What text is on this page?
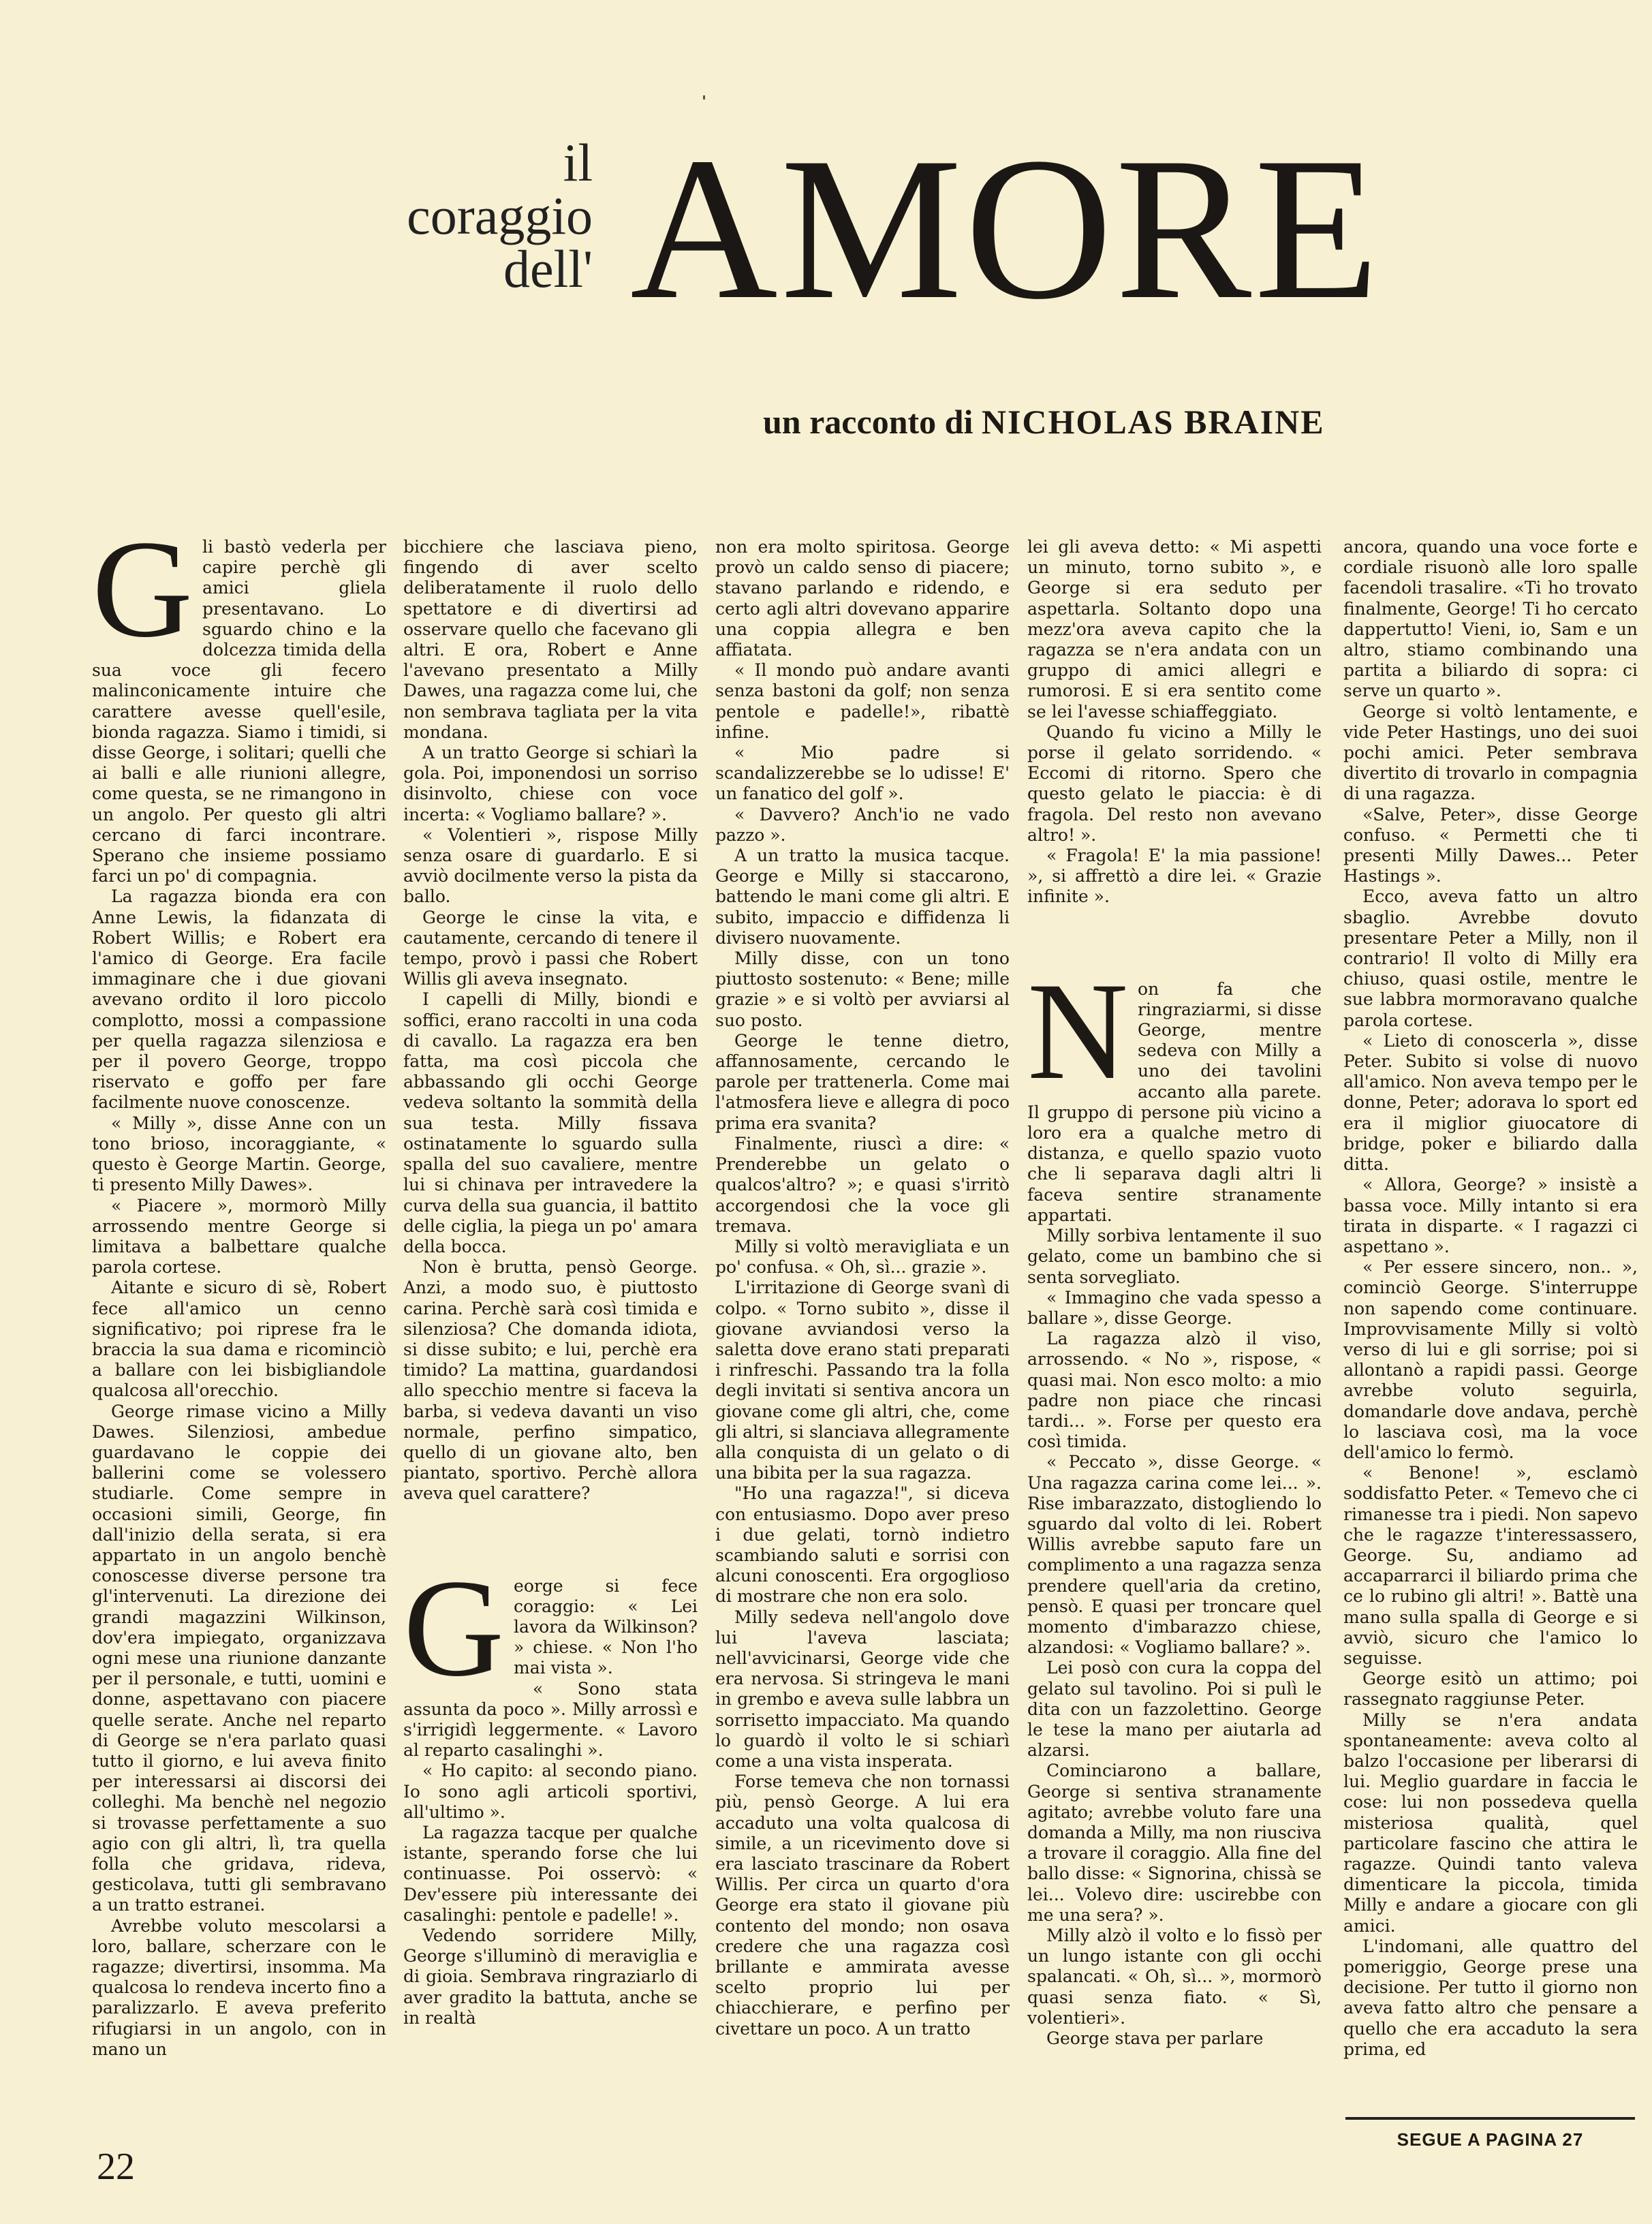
il
coraggio
dell' AMORE
un racconto di NICHOLAS BRAINE

Gli bastò vederla per capire perchè gli amici gliela presentavano. Lo sguardo chino e la dolcezza timida della sua voce gli fecero malinconicamente intuire che carattere avesse quell'esile, bionda ragazza. Siamo i timidi, si disse George, i solitari; quelli che ai balli e alle riunioni allegre, come questa, se ne rimangono in un angolo. Per questo gli altri cercano di farci incontrare. Sperano che insieme possiamo farci un po' di compagnia.

La ragazza bionda era con Anne Lewis, la fidanzata di Robert Willis; e Robert era l'amico di George. Era facile immaginare che i due giovani avevano ordito il loro piccolo complotto, mossi a compassione per quella ragazza silenziosa e per il povero George, troppo riservato e goffo per fare facilmente nuove conoscenze.

« Milly », disse Anne con un tono brioso, incoraggiante, « questo è George Martin. George, ti presento Milly Dawes».

« Piacere », mormorò Milly arrossendo mentre George si limitava a balbettare qualche parola cortese.

Aitante e sicuro di sè, Robert fece all'amico un cenno significativo; poi riprese fra le braccia la sua dama e ricominciò a ballare con lei bisbigliandole qualcosa all'orecchio.

George rimase vicino a Milly Dawes. Silenziosi, ambedue guardavano le coppie dei ballerini come se volessero studiarle. Come sempre in occasioni simili, George, fin dall'inizio della serata, si era appartato in un angolo benchè conoscesse diverse persone tra gl'intervenuti. La direzione dei grandi magazzini Wilkinson, dov'era impiegato, organizzava ogni mese una riunione danzante per il personale, e tutti, uomini e donne, aspettavano con piacere quelle serate. Anche nel reparto di George se n'era parlato quasi tutto il giorno, e lui aveva finito per interessarsi ai discorsi dei colleghi. Ma benchè nel negozio si trovasse perfettamente a suo agio con gli altri, lì, tra quella folla che gridava, rideva, gesticolava, tutti gli sembravano a un tratto estranei.

Avrebbe voluto mescolarsi a loro, ballare, scherzare con le ragazze; divertirsi, insomma. Ma qualcosa lo rendeva incerto fino a paralizzarlo. E aveva preferito rifugiarsi in un angolo, con in mano un

bicchiere che lasciava pieno, fingendo di aver scelto deliberatamente il ruolo dello spettatore e di divertirsi ad osservare quello che facevano gli altri. E ora, Robert e Anne l'avevano presentato a Milly Dawes, una ragazza come lui, che non sembrava tagliata per la vita mondana.

A un tratto George si schiarì la gola. Poi, imponendosi un sorriso disinvolto, chiese con voce incerta: « Vogliamo ballare? ».

« Volentieri », rispose Milly senza osare di guardarlo. E si avviò docilmente verso la pista da ballo.

George le cinse la vita, e cautamente, cercando di tenere il tempo, provò i passi che Robert Willis gli aveva insegnato.

I capelli di Milly, biondi e soffici, erano raccolti in una coda di cavallo. La ragazza era ben fatta, ma così piccola che abbassando gli occhi George vedeva soltanto la sommità della sua testa. Milly fissava ostinatamente lo sguardo sulla spalla del suo cavaliere, mentre lui si chinava per intravedere la curva della sua guancia, il battito delle ciglia, la piega un po' amara della bocca.

Non è brutta, pensò George. Anzi, a modo suo, è piuttosto carina. Perchè sarà così timida e silenziosa? Che domanda idiota, si disse subito; e lui, perchè era timido? La mattina, guardandosi allo specchio mentre si faceva la barba, si vedeva davanti un viso normale, perfino simpatico, quello di un giovane alto, ben piantato, sportivo. Perchè allora aveva quel carattere?

George si fece coraggio: « Lei lavora da Wilkinson? » chiese. « Non l'ho mai vista ».

« Sono stata assunta da poco ». Milly arrossì e s'irrigidì leggermente. « Lavoro al reparto casalinghi ».

« Ho capito: al secondo piano. Io sono agli articoli sportivi, all'ultimo ».

La ragazza tacque per qualche istante, sperando forse che lui continuasse. Poi osservò: « Dev'essere più interessante dei casalinghi: pentole e padelle! ».

Vedendo sorridere Milly, George s'illuminò di meraviglia e di gioia. Sembrava ringraziarlo di aver gradito la battuta, anche se in realtà

non era molto spiritosa. George provò un caldo senso di piacere; stavano parlando e ridendo, e certo agli altri dovevano apparire una coppia allegra e ben affiatata.

« Il mondo può andare avanti senza bastoni da golf; non senza pentole e padelle!», ribattè infine.

« Mio padre si scandalizzerebbe se lo udisse! E' un fanatico del golf ».

« Davvero? Anch'io ne vado pazzo ».

A un tratto la musica tacque. George e Milly si staccarono, battendo le mani come gli altri. E subito, impaccio e diffidenza li divisero nuovamente.

Milly disse, con un tono piuttosto sostenuto: « Bene; mille grazie » e si voltò per avviarsi al suo posto.

George le tenne dietro, affannosamente, cercando le parole per trattenerla. Come mai l'atmosfera lieve e allegra di poco prima era svanita?

Finalmente, riuscì a dire: « Prenderebbe un gelato o qualcos'altro? »; e quasi s'irritò accorgendosi che la voce gli tremava.

Milly si voltò meravigliata e un po' confusa. « Oh, sì... grazie ».

L'irritazione di George svanì di colpo. « Torno subito », disse il giovane avviandosi verso la saletta dove erano stati preparati i rinfreschi. Passando tra la folla degli invitati si sentiva ancora un giovane come gli altri, che, come gli altri, si slanciava allegramente alla conquista di un gelato o di una bibita per la sua ragazza.

"Ho una ragazza!", si diceva con entusiasmo. Dopo aver preso i due gelati, tornò indietro scambiando saluti e sorrisi con alcuni conoscenti. Era orgoglioso di mostrare che non era solo.

Milly sedeva nell'angolo dove lui l'aveva lasciata; nell'avvicinarsi, George vide che era nervosa. Si stringeva le mani in grembo e aveva sulle labbra un sorrisetto impacciato. Ma quando lo guardò il volto le si schiarì come a una vista insperata.

Forse temeva che non tornassi più, pensò George. A lui era accaduto una volta qualcosa di simile, a un ricevimento dove si era lasciato trascinare da Robert Willis. Per circa un quarto d'ora George era stato il giovane più contento del mondo; non osava credere che una ragazza così brillante e ammirata avesse scelto proprio lui per chiacchierare, e perfino per civettare un poco. A un tratto

lei gli aveva detto: « Mi aspetti un minuto, torno subito », e George si era seduto per aspettarla. Soltanto dopo una mezz'ora aveva capito che la ragazza se n'era andata con un gruppo di amici allegri e rumorosi. E si era sentito come se lei l'avesse schiaffeggiato.

Quando fu vicino a Milly le porse il gelato sorridendo. « Eccomi di ritorno. Spero che questo gelato le piaccia: è di fragola. Del resto non avevano altro! ».

« Fragola! E' la mia passione! », si affrettò a dire lei. « Grazie infinite ».

Non fa che ringraziarmi, si disse George, mentre sedeva con Milly a uno dei tavolini accanto alla parete. Il gruppo di persone più vicino a loro era a qualche metro di distanza, e quello spazio vuoto che li separava dagli altri li faceva sentire stranamente appartati.

Milly sorbiva lentamente il suo gelato, come un bambino che si senta sorvegliato.

« Immagino che vada spesso a ballare », disse George.

La ragazza alzò il viso, arrossendo. « No », rispose, « quasi mai. Non esco molto: a mio padre non piace che rincasi tardi... ». Forse per questo era così timida.

« Peccato », disse George. « Una ragazza carina come lei... ». Rise imbarazzato, distogliendo lo sguardo dal volto di lei. Robert Willis avrebbe saputo fare un complimento a una ragazza senza prendere quell'aria da cretino, pensò. E quasi per troncare quel momento d'imbarazzo chiese, alzandosi: « Vogliamo ballare? ».

Lei posò con cura la coppa del gelato sul tavolino. Poi si pulì le dita con un fazzolettino. George le tese la mano per aiutarla ad alzarsi.

Cominciarono a ballare, George si sentiva stranamente agitato; avrebbe voluto fare una domanda a Milly, ma non riusciva a trovare il coraggio. Alla fine del ballo disse: « Signorina, chissà se lei... Volevo dire: uscirebbe con me una sera? ».

Milly alzò il volto e lo fissò per un lungo istante con gli occhi spalancati. « Oh, sì... », mormorò quasi senza fiato. « Sì, volentieri».

George stava per parlare

ancora, quando una voce forte e cordiale risuonò alle loro spalle facendoli trasalire. «Ti ho trovato finalmente, George! Ti ho cercato dappertutto! Vieni, io, Sam e un altro, stiamo combinando una partita a biliardo di sopra: ci serve un quarto ».

George si voltò lentamente, e vide Peter Hastings, uno dei suoi pochi amici. Peter sembrava divertito di trovarlo in compagnia di una ragazza.

«Salve, Peter», disse George confuso. « Permetti che ti presenti Milly Dawes... Peter Hastings ».

Ecco, aveva fatto un altro sbaglio. Avrebbe dovuto presentare Peter a Milly, non il contrario! Il volto di Milly era chiuso, quasi ostile, mentre le sue labbra mormoravano qualche parola cortese.

« Lieto di conoscerla », disse Peter. Subito si volse di nuovo all'amico. Non aveva tempo per le donne, Peter; adorava lo sport ed era il miglior giuocatore di bridge, poker e biliardo dalla ditta.

« Allora, George? » insistè a bassa voce. Milly intanto si era tirata in disparte. « I ragazzi ci aspettano ».

« Per essere sincero, non.. », cominciò George. S'interruppe non sapendo come continuare. Improvvisamente Milly si voltò verso di lui e gli sorrise; poi si allontanò a rapidi passi. George avrebbe voluto seguirla, domandarle dove andava, perchè lo lasciava così, ma la voce dell'amico lo fermò.

« Benone! », esclamò soddisfatto Peter. « Temevo che ci rimanesse tra i piedi. Non sapevo che le ragazze t'interessassero, George. Su, andiamo ad accaparrarci il biliardo prima che ce lo rubino gli altri! ». Battè una mano sulla spalla di George e si avviò, sicuro che l'amico lo seguisse.

George esitò un attimo; poi rassegnato raggiunse Peter.

Milly se n'era andata spontaneamente: aveva colto al balzo l'occasione per liberarsi di lui. Meglio guardare in faccia le cose: lui non possedeva quella misteriosa qualità, quel particolare fascino che attira le ragazze. Quindi tanto valeva dimenticare la piccola, timida Milly e andare a giocare con gli amici.

L'indomani, alle quattro del pomeriggio, George prese una decisione. Per tutto il giorno non aveva fatto altro che pensare a quello che era accaduto la sera prima, ed

SEGUE A PAGINA 27
22
